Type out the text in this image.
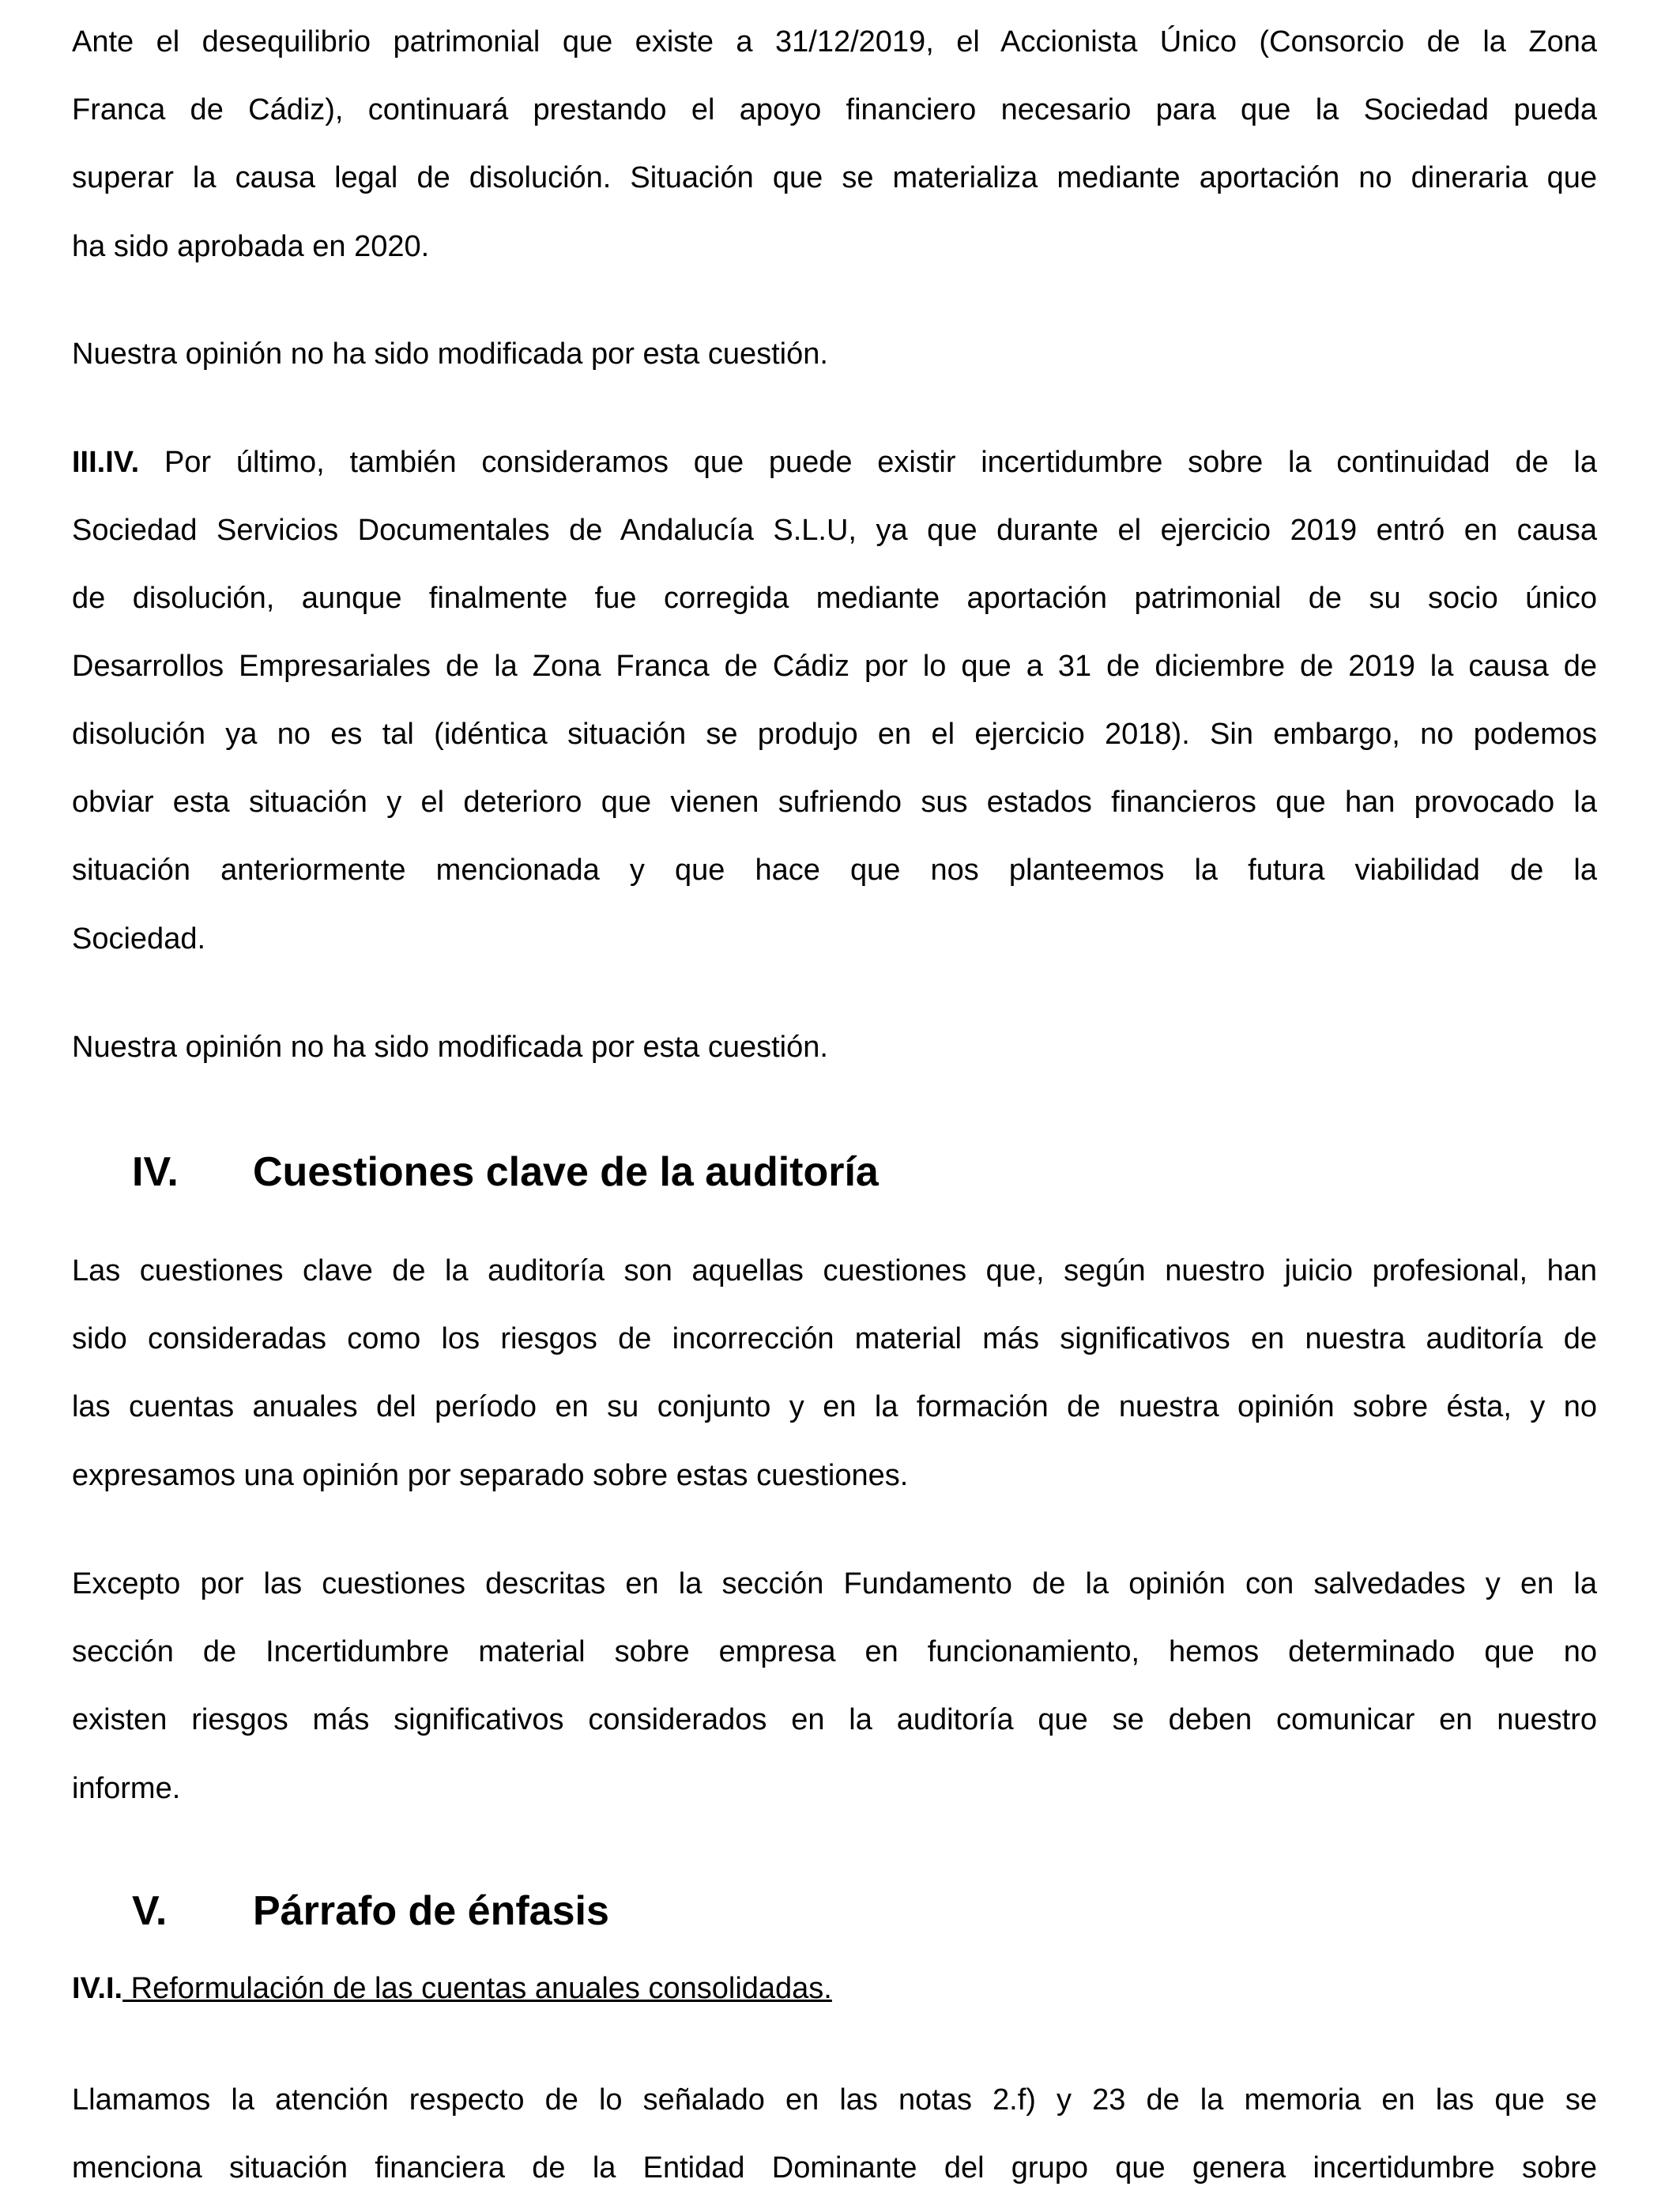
Ante el desequilibrio patrimonial que existe a 31/12/2019, el Accionista Único (Consorcio de la Zona
Franca de Cádiz), continuará prestando el apoyo financiero necesario para que la Sociedad pueda
superar la causa legal de disolución. Situación que se materializa mediante aportación no dineraria que
ha sido aprobada en 2020.
Nuestra opinión no ha sido modificada por esta cuestión.
III.IV. Por último, también consideramos que puede existir incertidumbre sobre la continuidad de la
Sociedad Servicios Documentales de Andalucía S.L.U, ya que durante el ejercicio 2019 entró en causa
de disolución, aunque finalmente fue corregida mediante aportación patrimonial de su socio único
Desarrollos Empresariales de la Zona Franca de Cádiz por lo que a 31 de diciembre de 2019 la causa de
disolución ya no es tal (idéntica situación se produjo en el ejercicio 2018). Sin embargo, no podemos
obviar esta situación y el deterioro que vienen sufriendo sus estados financieros que han provocado la
situación anteriormente mencionada y que hace que nos planteemos la futura viabilidad de la
Sociedad.
Nuestra opinión no ha sido modificada por esta cuestión.
IV. Cuestiones clave de la auditoría
Las cuestiones clave de la auditoría son aquellas cuestiones que, según nuestro juicio profesional, han
sido consideradas como los riesgos de incorrección material más significativos en nuestra auditoría de
las cuentas anuales del período en su conjunto y en la formación de nuestra opinión sobre ésta, y no
expresamos una opinión por separado sobre estas cuestiones.
Excepto por las cuestiones descritas en la sección Fundamento de la opinión con salvedades y en la
sección de Incertidumbre material sobre empresa en funcionamiento, hemos determinado que no
existen riesgos más significativos considerados en la auditoría que se deben comunicar en nuestro
informe.
V. Párrafo de énfasis
IV.I. Reformulación de las cuentas anuales consolidadas.
Llamamos la atención respecto de lo señalado en las notas 2.f) y 23 de la memoria en las que se
menciona situación financiera de la Entidad Dominante del grupo que genera incertidumbre sobre
